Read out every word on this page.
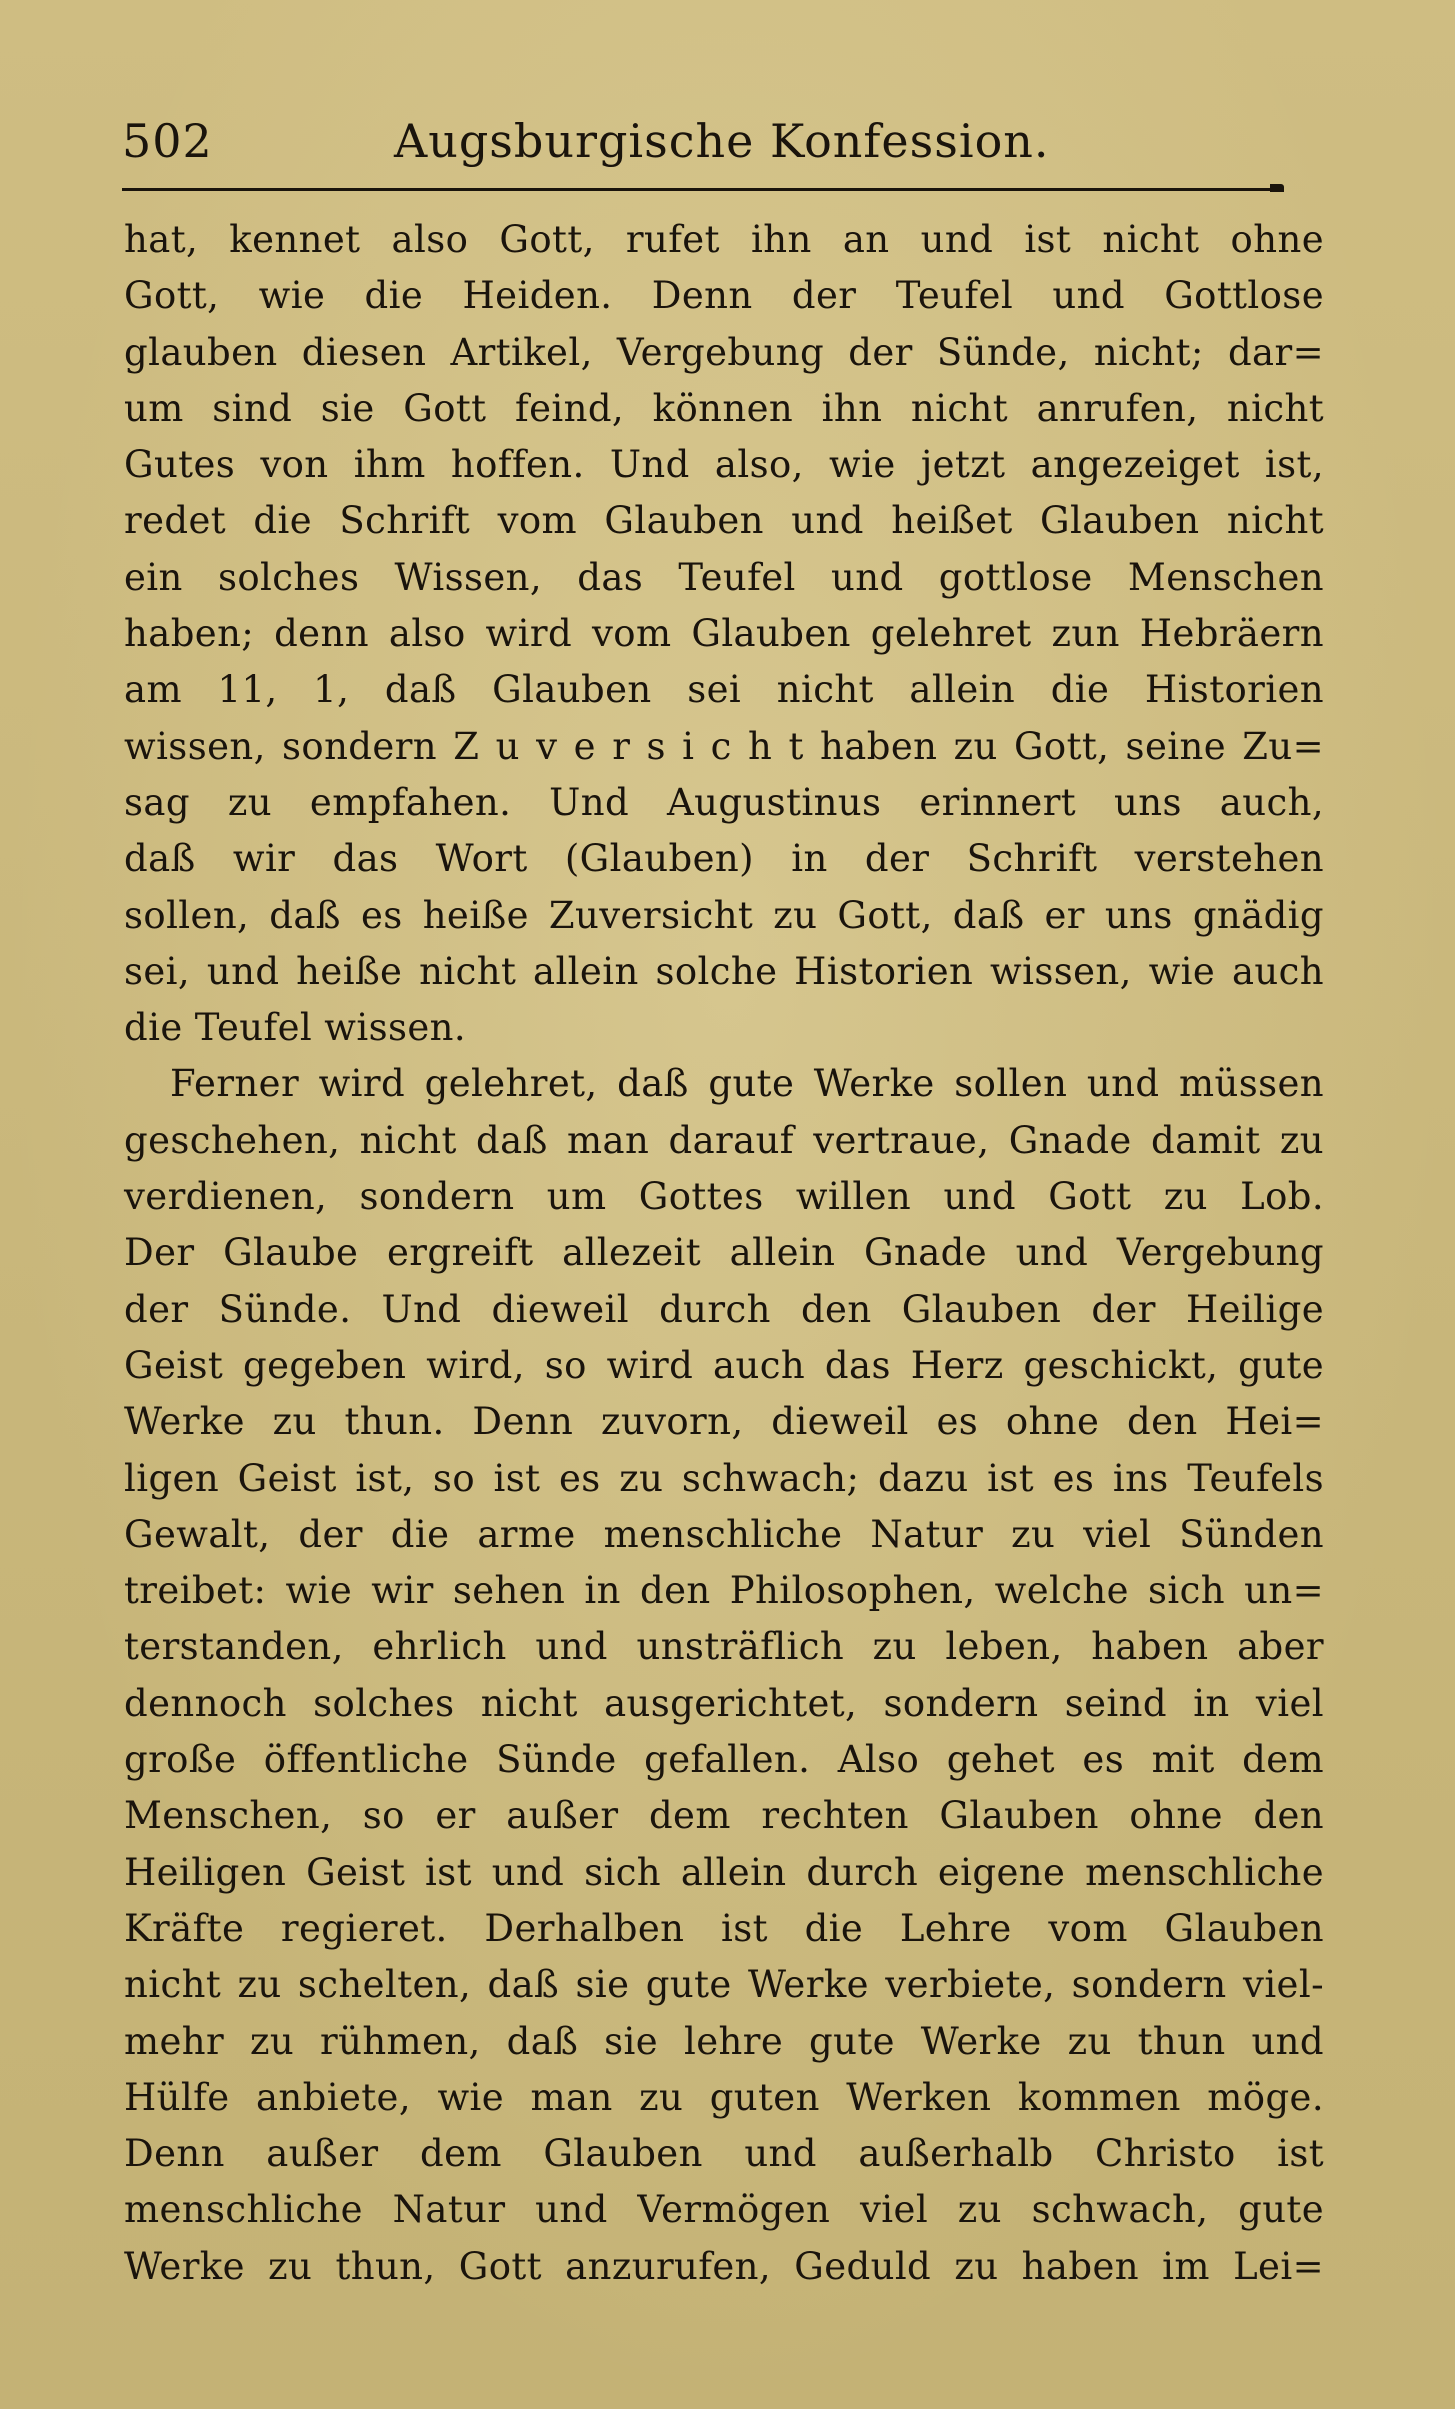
502	Augsburgische Konfession.
hat, kennet also Gott, rufet ihn an und ist nicht ohne
Gott, wie die Heiden. Denn der Teufel und Gottlose
glauben diesen Artikel, Vergebung der Sünde, nicht; dar=
um sind sie Gott feind, können ihn nicht anrufen, nicht
Gutes von ihm hoffen. Und also, wie jetzt angezeiget ist,
redet die Schrift vom Glauben und heißet Glauben nicht
ein solches Wissen, das Teufel und gottlose Menschen
haben; denn also wird vom Glauben gelehret zun Hebräern
am 11, 1, daß Glauben sei nicht allein die Historien
wissen, sondern Z u v e r s i c h t haben zu Gott, seine Zu=
sag zu empfahen. Und Augustinus erinnert uns auch,
daß wir das Wort (Glauben) in der Schrift verstehen
sollen, daß es heiße Zuversicht zu Gott, daß er uns gnädig
sei, und heiße nicht allein solche Historien wissen, wie auch
die Teufel wissen.
Ferner wird gelehret, daß gute Werke sollen und müssen
geschehen, nicht daß man darauf vertraue, Gnade damit zu
verdienen, sondern um Gottes willen und Gott zu Lob.
Der Glaube ergreift allezeit allein Gnade und Vergebung
der Sünde. Und dieweil durch den Glauben der Heilige
Geist gegeben wird, so wird auch das Herz geschickt, gute
Werke zu thun. Denn zuvorn, dieweil es ohne den Hei=
ligen Geist ist, so ist es zu schwach; dazu ist es ins Teufels
Gewalt, der die arme menschliche Natur zu viel Sünden
treibet: wie wir sehen in den Philosophen, welche sich un=
terstanden, ehrlich und unsträflich zu leben, haben aber
dennoch solches nicht ausgerichtet, sondern seind in viel
große öffentliche Sünde gefallen. Also gehet es mit dem
Menschen, so er außer dem rechten Glauben ohne den
Heiligen Geist ist und sich allein durch eigene menschliche
Kräfte regieret. Derhalben ist die Lehre vom Glauben
nicht zu schelten, daß sie gute Werke verbiete, sondern viel-
mehr zu rühmen, daß sie lehre gute Werke zu thun und
Hülfe anbiete, wie man zu guten Werken kommen möge.
Denn außer dem Glauben und außerhalb Christo ist
menschliche Natur und Vermögen viel zu schwach, gute
Werke zu thun, Gott anzurufen, Geduld zu haben im Lei=
